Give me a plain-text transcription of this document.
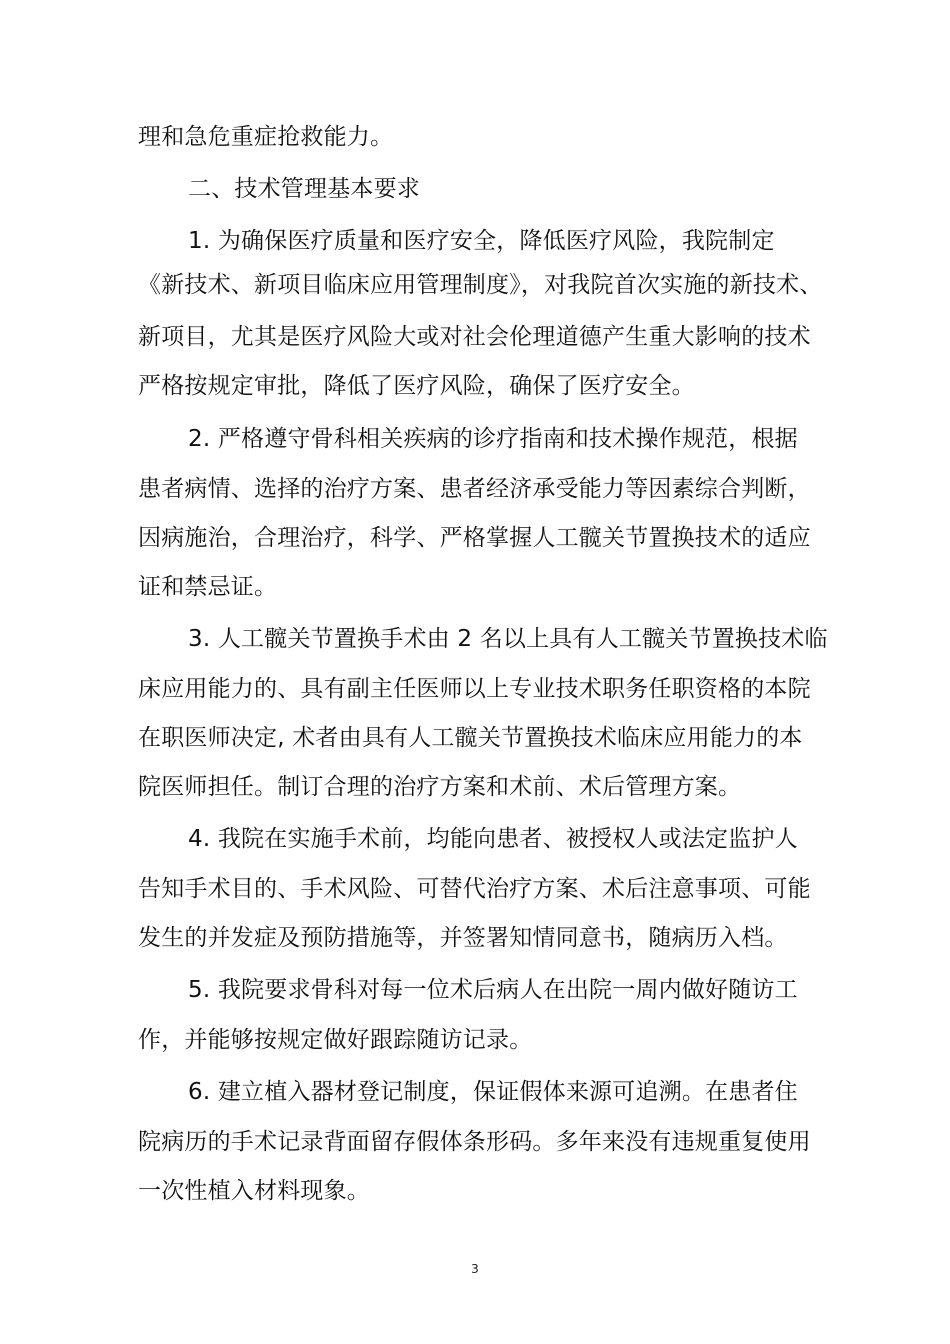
理和急危重症抢救能力。
二、技术管理基本要求
1. 为确保医疗质量和医疗安全，降低医疗风险，我院制定
《新技术、新项目临床应用管理制度》，对我院首次实施的新技术、
新项目，尤其是医疗风险大或对社会伦理道德产生重大影响的技术
严格按规定审批，降低了医疗风险，确保了医疗安全。
2. 严格遵守骨科相关疾病的诊疗指南和技术操作规范，根据
患者病情、选择的治疗方案、患者经济承受能力等因素综合判断，
因病施治，合理治疗，科学、严格掌握人工髋关节置换技术的适应
证和禁忌证。
3. 人工髋关节置换手术由 2 名以上具有人工髋关节置换技术临
床应用能力的、具有副主任医师以上专业技术职务任职资格的本院
在职医师决定, 术者由具有人工髋关节置换技术临床应用能力的本
院医师担任。制订合理的治疗方案和术前、术后管理方案。
4. 我院在实施手术前，均能向患者、被授权人或法定监护人
告知手术目的、手术风险、可替代治疗方案、术后注意事项、可能
发生的并发症及预防措施等，并签署知情同意书，随病历入档。
5. 我院要求骨科对每一位术后病人在出院一周内做好随访工
作，并能够按规定做好跟踪随访记录。
6. 建立植入器材登记制度，保证假体来源可追溯。在患者住
院病历的手术记录背面留存假体条形码。多年来没有违规重复使用
一次性植入材料现象。
3
